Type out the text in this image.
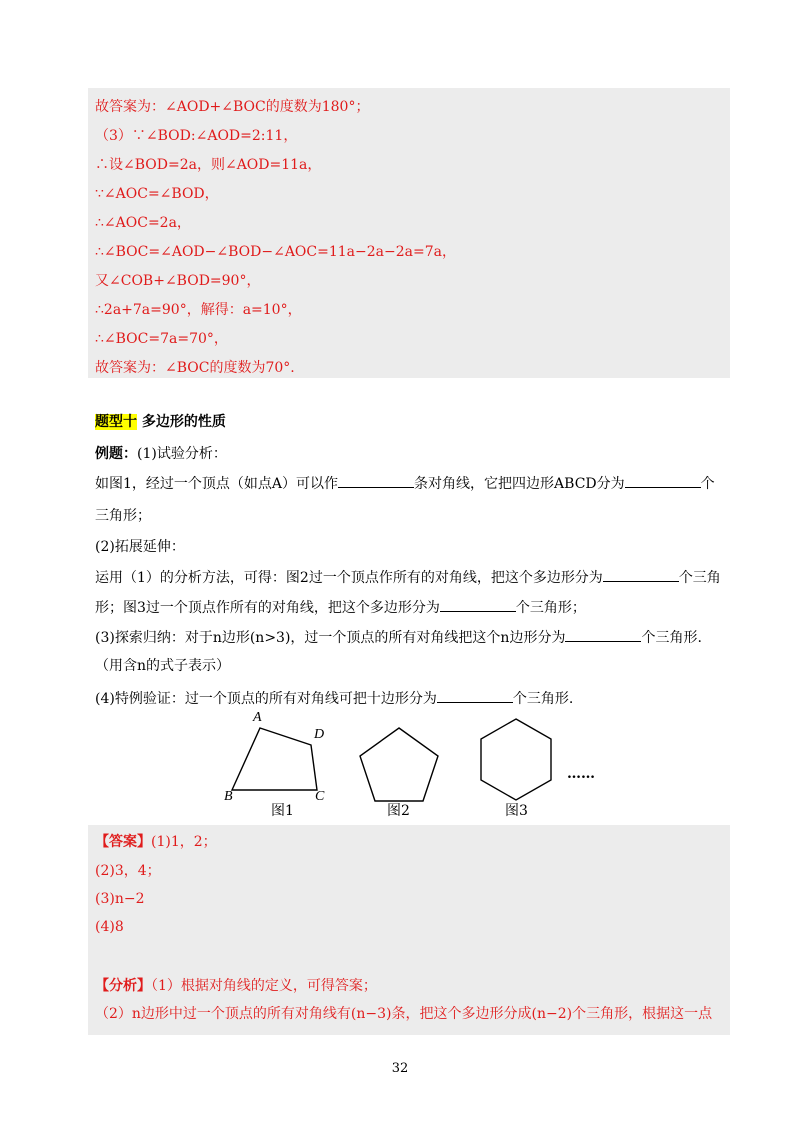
故答案为：∠AOD+∠BOC的度数为180°；
（3）∵∠BOD:∠AOD=2:11，
∴设∠BOD=2a，则∠AOD=11a，
∵∠AOC=∠BOD，
∴∠AOC=2a，
∴∠BOC=∠AOD−∠BOD−∠AOC=11a−2a−2a=7a，
又∠COB+∠BOD=90°，
∴2a+7a=90°，解得：a=10°，
∴∠BOC=7a=70°，
故答案为：∠BOC的度数为70°.
题型十 多边形的性质
例题：(1)试验分析：
如图1，经过一个顶点（如点A）可以作	条对角线，它把四边形ABCD分为	个
三角形；
(2)拓展延伸：
运用（1）的分析方法，可得：图2过一个顶点作所有的对角线，把这个多边形分为	个三角
形；图3过一个顶点作所有的对角线，把这个多边形分为	个三角形；
(3)探索归纳：对于n边形(n>3)，过一个顶点的所有对角线把这个n边形分为	个三角形.
（用含n的式子表示）
(4)特例验证：过一个顶点的所有对角线可把十边形分为	个三角形.
A
D
B	C
图1	图2	图3
……
【答案】(1)1，2；
(2)3，4；
(3)n−2
(4)8
【分析】（1）根据对角线的定义，可得答案；
（2）n边形中过一个顶点的所有对角线有(n−3)条，把这个多边形分成(n−2)个三角形，根据这一点
32
